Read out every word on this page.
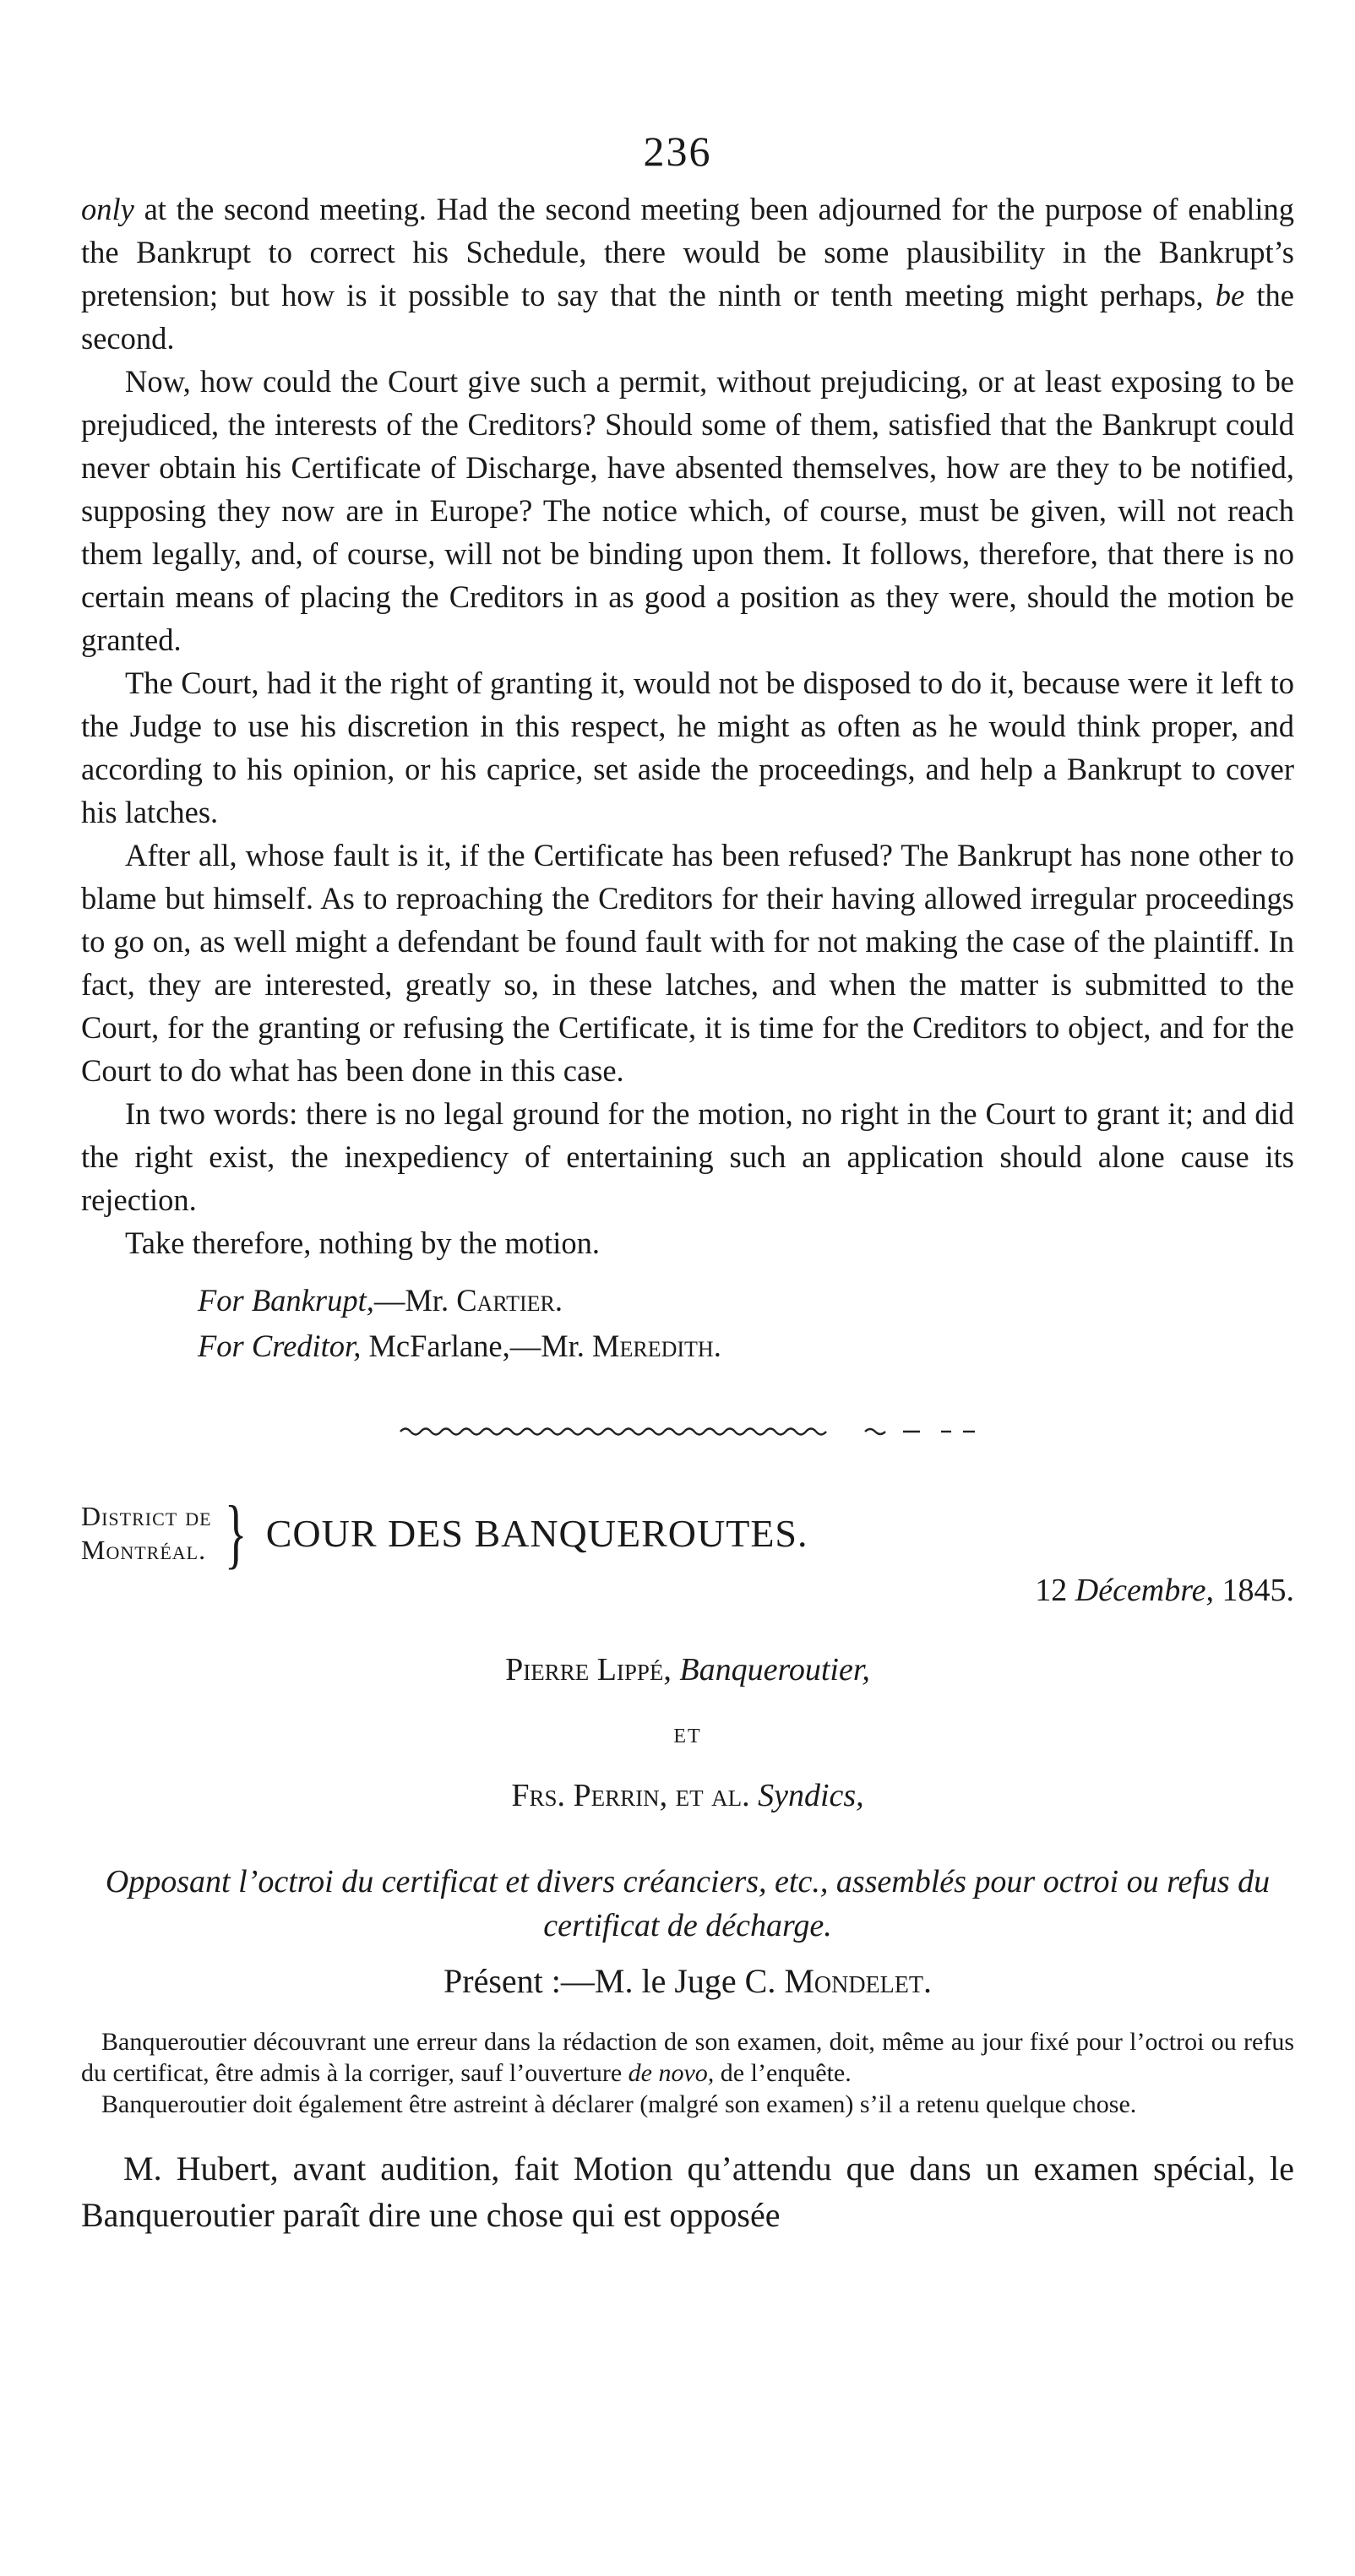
236

only at the second meeting. Had the second meeting been adjourned for the purpose of enabling the Bankrupt to correct his Schedule, there would be some plausibility in the Bankrupt’s pretension; but how is it possible to say that the ninth or tenth meeting might perhaps, be the second.

Now, how could the Court give such a permit, without prejudicing, or at least exposing to be prejudiced, the interests of the Creditors? Should some of them, satisfied that the Bankrupt could never obtain his Certificate of Discharge, have absented themselves, how are they to be notified, supposing they now are in Europe? The notice which, of course, must be given, will not reach them legally, and, of course, will not be binding upon them. It follows, therefore, that there is no certain means of placing the Creditors in as good a position as they were, should the motion be granted.

The Court, had it the right of granting it, would not be disposed to do it, because were it left to the Judge to use his discretion in this respect, he might as often as he would think proper, and according to his opinion, or his caprice, set aside the proceedings, and help a Bankrupt to cover his latches.

After all, whose fault is it, if the Certificate has been refused? The Bankrupt has none other to blame but himself. As to reproaching the Creditors for their having allowed irregular proceedings to go on, as well might a defendant be found fault with for not making the case of the plaintiff. In fact, they are interested, greatly so, in these latches, and when the matter is submitted to the Court, for the granting or refusing the Certificate, it is time for the Creditors to object, and for the Court to do what has been done in this case.

In two words: there is no legal ground for the motion, no right in the Court to grant it; and did the right exist, the inexpediency of entertaining such an application should alone cause its rejection.

Take therefore, nothing by the motion.

For Bankrupt,—Mr. Cartier.
For Creditor, McFarlane,—Mr. Meredith.
District de
Montréal. } COUR DES BANQUEROUTES.
12 Décembre, 1845.
Pierre Lippé, Banqueroutier,
ET
Frs. Perrin, et al. Syndics,
Opposant l’octroi du certificat et divers créanciers, etc., assemblés pour octroi ou refus du certificat de décharge.
Présent :—M. le Juge C. Mondelet.

Banqueroutier découvrant une erreur dans la rédaction de son examen, doit, même au jour fixé pour l’octroi ou refus du certificat, être admis à la corriger, sauf l’ouverture de novo, de l’enquête.

Banqueroutier doit également être astreint à déclarer (malgré son examen) s’il a retenu quelque chose.

M. Hubert, avant audition, fait Motion qu’attendu que dans un examen spécial, le Banqueroutier paraît dire une chose qui est opposée
